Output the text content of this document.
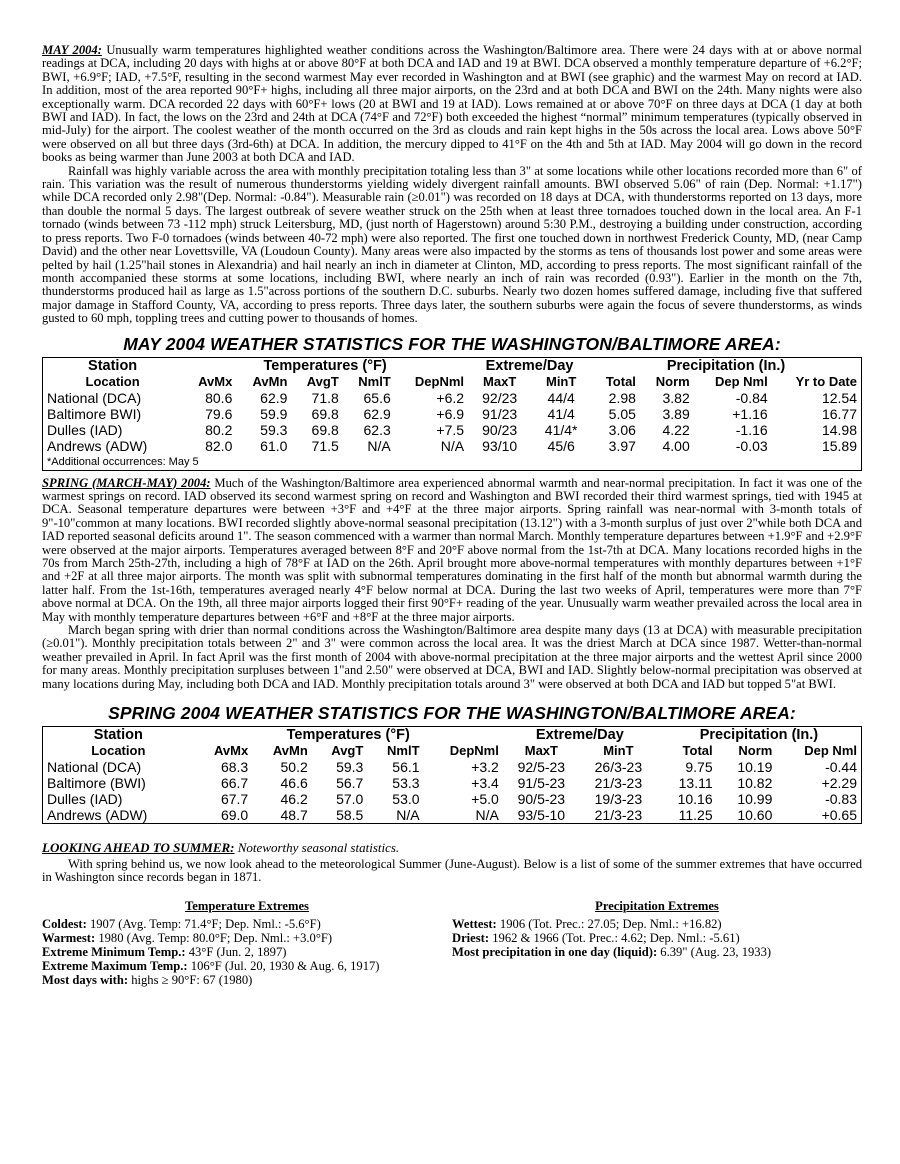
MAY 2004: Unusually warm temperatures highlighted weather conditions across the Washington/Baltimore area. There were 24 days with at or above normal readings at DCA, including 20 days with highs at or above 80°F at both DCA and IAD and 19 at BWI. DCA observed a monthly temperature departure of +6.2°F; BWI, +6.9°F; IAD, +7.5°F, resulting in the second warmest May ever recorded in Washington and at BWI (see graphic) and the warmest May on record at IAD. In addition, most of the area reported 90°F+ highs, including all three major airports, on the 23rd and at both DCA and BWI on the 24th. Many nights were also exceptionally warm. DCA recorded 22 days with 60°F+ lows (20 at BWI and 19 at IAD). Lows remained at or above 70°F on three days at DCA (1 day at both BWI and IAD). In fact, the lows on the 23rd and 24th at DCA (74°F and 72°F) both exceeded the highest “normal” minimum temperatures (typically observed in mid-July) for the airport. The coolest weather of the month occurred on the 3rd as clouds and rain kept highs in the 50s across the local area. Lows above 50°F were observed on all but three days (3rd-6th) at DCA. In addition, the mercury dipped to 41°F on the 4th and 5th at IAD. May 2004 will go down in the record books as being warmer than June 2003 at both DCA and IAD.

Rainfall was highly variable across the area with monthly precipitation totaling less than 3" at some locations while other locations recorded more than 6" of rain. This variation was the result of numerous thunderstorms yielding widely divergent rainfall amounts. BWI observed 5.06" of rain (Dep. Normal: +1.17") while DCA recorded only 2.98"(Dep. Normal: -0.84"). Measurable rain (≥0.01") was recorded on 18 days at DCA, with thunderstorms reported on 13 days, more than double the normal 5 days. The largest outbreak of severe weather struck on the 25th when at least three tornadoes touched down in the local area. An F-1 tornado (winds between 73 -112 mph) struck Leitersburg, MD, (just north of Hagerstown) around 5:30 P.M., destroying a building under construction, according to press reports. Two F-0 tornadoes (winds between 40-72 mph) were also reported. The first one touched down in northwest Frederick County, MD, (near Camp David) and the other near Lovettsville, VA (Loudoun County). Many areas were also impacted by the storms as tens of thousands lost power and some areas were pelted by hail (1.25"hail stones in Alexandria) and hail nearly an inch in diameter at Clinton, MD, according to press reports. The most significant rainfall of the month accompanied these storms at some locations, including BWI, where nearly an inch of rain was recorded (0.93"). Earlier in the month on the 7th, thunderstorms produced hail as large as 1.5"across portions of the southern D.C. suburbs. Nearly two dozen homes suffered damage, including five that suffered major damage in Stafford County, VA, according to press reports. Three days later, the southern suburbs were again the focus of severe thunderstorms, as winds gusted to 60 mph, toppling trees and cutting power to thousands of homes.

MAY 2004 WEATHER STATISTICS FOR THE WASHINGTON/BALTIMORE AREA:
Station	Temperatures (°F)					Extreme/Day		Precipitation (In.)			
Location	AvMx	AvMn	AvgT	NmlT	DepNml	MaxT	MinT	Total	Norm	Dep Nml	Yr to Date
National (DCA)	80.6	62.9	71.8	65.6	+6.2	92/23	44/4	2.98	3.82	-0.84	12.54
Baltimore BWI)	79.6	59.9	69.8	62.9	+6.9	91/23	41/4	5.05	3.89	+1.16	16.77
Dulles (IAD)	80.2	59.3	69.8	62.3	+7.5	90/23	41/4*	3.06	4.22	-1.16	14.98
Andrews (ADW)	82.0	61.0	71.5	N/A	N/A	93/10	45/6	3.97	4.00	-0.03	15.89
*Additional occurrences: May 5											

SPRING (MARCH-MAY) 2004: Much of the Washington/Baltimore area experienced abnormal warmth and near-normal precipitation. In fact it was one of the warmest springs on record. IAD observed its second warmest spring on record and Washington and BWI recorded their third warmest springs, tied with 1945 at DCA. Seasonal temperature departures were between +3°F and +4°F at the three major airports. Spring rainfall was near-normal with 3-month totals of 9"-10"common at many locations. BWI recorded slightly above-normal seasonal precipitation (13.12") with a 3-month surplus of just over 2"while both DCA and IAD reported seasonal deficits around 1". The season commenced with a warmer than normal March. Monthly temperature departures between +1.9°F and +2.9°F were observed at the major airports. Temperatures averaged between 8°F and 20°F above normal from the 1st-7th at DCA. Many locations recorded highs in the 70s from March 25th-27th, including a high of 78°F at IAD on the 26th. April brought more above-normal temperatures with monthly departures between +1°F and +2F at all three major airports. The month was split with subnormal temperatures dominating in the first half of the month but abnormal warmth during the latter half. From the 1st-16th, temperatures averaged nearly 4°F below normal at DCA. During the last two weeks of April, temperatures were more than 7°F above normal at DCA. On the 19th, all three major airports logged their first 90°F+ reading of the year. Unusually warm weather prevailed across the local area in May with monthly temperature departures between +6°F and +8°F at the three major airports.

March began spring with drier than normal conditions across the Washington/Baltimore area despite many days (13 at DCA) with measurable precipitation (≥0.01"). Monthly precipitation totals between 2" and 3" were common across the local area. It was the driest March at DCA since 1987. Wetter-than-normal weather prevailed in April. In fact April was the first month of 2004 with above-normal precipitation at the three major airports and the wettest April since 2000 for many areas. Monthly precipitation surpluses between 1"and 2.50" were observed at DCA, BWI and IAD. Slightly below-normal precipitation was observed at many locations during May, including both DCA and IAD. Monthly precipitation totals around 3" were observed at both DCA and IAD but topped 5"at BWI.

SPRING 2004 WEATHER STATISTICS FOR THE WASHINGTON/BALTIMORE AREA:
Station	Temperatures (°F)					Extreme/Day		Precipitation (In.)		
Location	AvMx	AvMn	AvgT	NmlT	DepNml	MaxT	MinT	Total	Norm	Dep Nml
National (DCA)	68.3	50.2	59.3	56.1	+3.2	92/5-23	26/3-23	9.75	10.19	-0.44
Baltimore (BWI)	66.7	46.6	56.7	53.3	+3.4	91/5-23	21/3-23	13.11	10.82	+2.29
Dulles (IAD)	67.7	46.2	57.0	53.0	+5.0	90/5-23	19/3-23	10.16	10.99	-0.83
Andrews (ADW)	69.0	48.7	58.5	N/A	N/A	93/5-10	21/3-23	11.25	10.60	+0.65
LOOKING AHEAD TO SUMMER: Noteworthy seasonal statistics.

With spring behind us, we now look ahead to the meteorological Summer (June-August). Below is a list of some of the summer extremes that have occurred in Washington since records began in 1871.

Temperature Extremes
Coldest: 1907 (Avg. Temp: 71.4°F; Dep. Nml.: -5.6°F)
Warmest: 1980 (Avg. Temp: 80.0°F; Dep. Nml.: +3.0°F)
Extreme Minimum Temp.: 43°F (Jun. 2, 1897)
Extreme Maximum Temp.: 106°F (Jul. 20, 1930 & Aug. 6, 1917)
Most days with: highs ≥ 90°F: 67 (1980)
Precipitation Extremes
Wettest: 1906 (Tot. Prec.: 27.05; Dep. Nml.: +16.82)
Driest: 1962 & 1966 (Tot. Prec.: 4.62; Dep. Nml.: -5.61)
Most precipitation in one day (liquid): 6.39" (Aug. 23, 1933)
